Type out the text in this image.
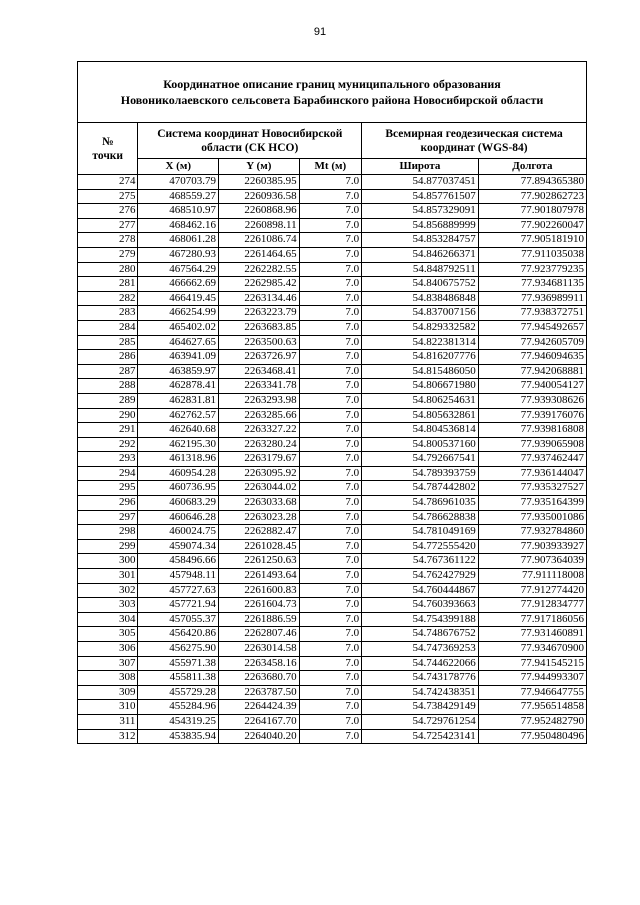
91
Координатное описание границ муниципального образования
Новониколаевского сельсовета Барабинского района Новосибирской области					

№
точки	Система координат Новосибирской области (СК НСО)			Всемирная геодезическая система координат (WGS-84)	
	X (м)	Y (м)	Mt (м)	Широта	Долгота
274	470703.79	2260385.95	7.0	54.877037451	77.894365380
275	468559.27	2260936.58	7.0	54.857761507	77.902862723
276	468510.97	2260868.96	7.0	54.857329091	77.901807978
277	468462.16	2260898.11	7.0	54.856889999	77.902260047
278	468061.28	2261086.74	7.0	54.853284757	77.905181910
279	467280.93	2261464.65	7.0	54.846266371	77.911035038
280	467564.29	2262282.55	7.0	54.848792511	77.923779235
281	466662.69	2262985.42	7.0	54.840675752	77.934681135
282	466419.45	2263134.46	7.0	54.838486848	77.936989911
283	466254.99	2263223.79	7.0	54.837007156	77.938372751
284	465402.02	2263683.85	7.0	54.829332582	77.945492657
285	464627.65	2263500.63	7.0	54.822381314	77.942605709
286	463941.09	2263726.97	7.0	54.816207776	77.946094635
287	463859.97	2263468.41	7.0	54.815486050	77.942068881
288	462878.41	2263341.78	7.0	54.806671980	77.940054127
289	462831.81	2263293.98	7.0	54.806254631	77.939308626
290	462762.57	2263285.66	7.0	54.805632861	77.939176076
291	462640.68	2263327.22	7.0	54.804536814	77.939816808
292	462195.30	2263280.24	7.0	54.800537160	77.939065908
293	461318.96	2263179.67	7.0	54.792667541	77.937462447
294	460954.28	2263095.92	7.0	54.789393759	77.936144047
295	460736.95	2263044.02	7.0	54.787442802	77.935327527
296	460683.29	2263033.68	7.0	54.786961035	77.935164399
297	460646.28	2263023.28	7.0	54.786628838	77.935001086
298	460024.75	2262882.47	7.0	54.781049169	77.932784860
299	459074.34	2261028.45	7.0	54.772555420	77.903933927
300	458496.66	2261250.63	7.0	54.767361122	77.907364039
301	457948.11	2261493.64	7.0	54.762427929	77.911118008
302	457727.63	2261600.83	7.0	54.760444867	77.912774420
303	457721.94	2261604.73	7.0	54.760393663	77.912834777
304	457055.37	2261886.59	7.0	54.754399188	77.917186056
305	456420.86	2262807.46	7.0	54.748676752	77.931460891
306	456275.90	2263014.58	7.0	54.747369253	77.934670900
307	455971.38	2263458.16	7.0	54.744622066	77.941545215
308	455811.38	2263680.70	7.0	54.743178776	77.944993307
309	455729.28	2263787.50	7.0	54.742438351	77.946647755
310	455284.96	2264424.39	7.0	54.738429149	77.956514858
311	454319.25	2264167.70	7.0	54.729761254	77.952482790
312	453835.94	2264040.20	7.0	54.725423141	77.950480496
